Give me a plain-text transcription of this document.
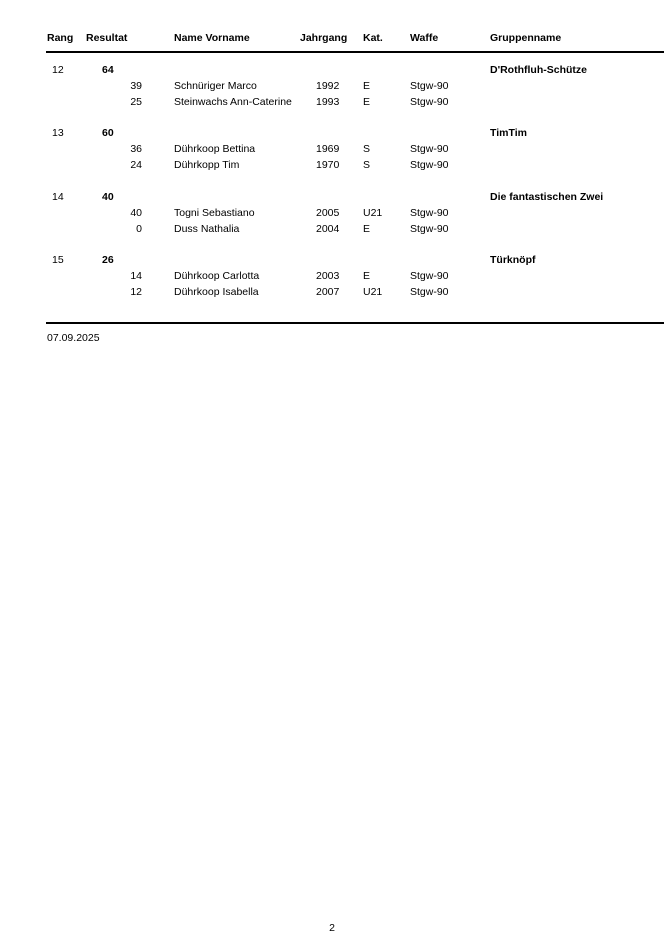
Rang Resultat	Name Vorname	Jahrgang Kat.	Waffe	Gruppenname
12	64	D'Rothfluh-Schütze
39	Schnüriger Marco	1992 E	Stgw-90
25	Steinwachs Ann-Caterine 1993 E	Stgw-90
13	60	TimTim
36	Dührkoop Bettina	1969 S	Stgw-90
24	Dührkopp Tim	1970 S	Stgw-90
14	40	Die fantastischen Zwei
40	Togni Sebastiano	2005 U21	Stgw-90
0	Duss Nathalia	2004 E	Stgw-90
15	26	Türknöpf
14	Dührkoop Carlotta	2003 E	Stgw-90
12	Dührkoop Isabella	2007 U21	Stgw-90
07.09.2025
2
